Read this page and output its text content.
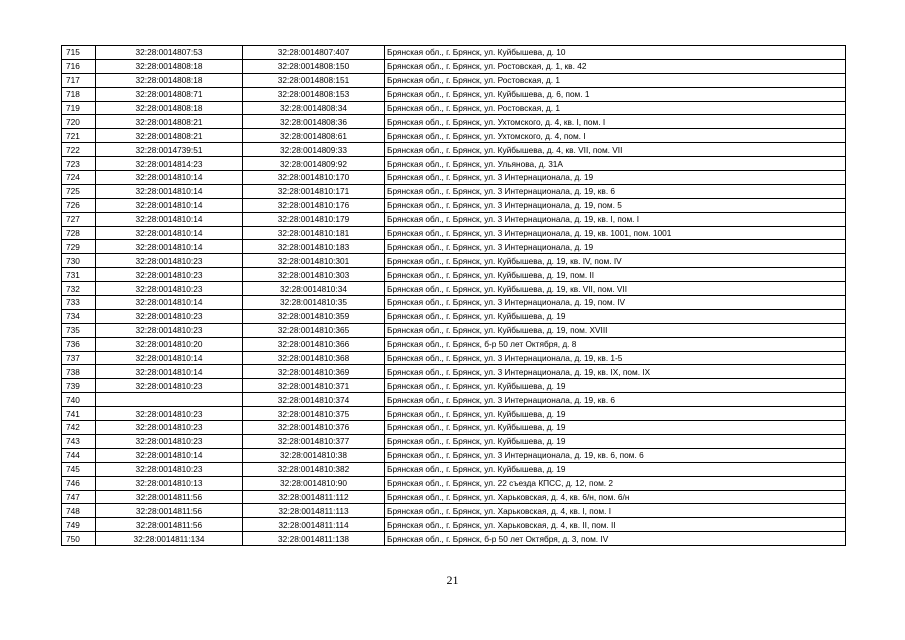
715	32:28:0014807:53	32:28:0014807:407	Брянская обл., г. Брянск, ул. Куйбышева, д. 10
716	32:28:0014808:18	32:28:0014808:150	Брянская обл., г. Брянск, ул. Ростовская, д. 1, кв. 42
717	32:28:0014808:18	32:28:0014808:151	Брянская обл., г. Брянск, ул. Ростовская, д. 1
718	32:28:0014808:71	32:28:0014808:153	Брянская обл., г. Брянск, ул. Куйбышева, д. 6, пом. 1
719	32:28:0014808:18	32:28:0014808:34	Брянская обл., г. Брянск, ул. Ростовская, д. 1
720	32:28:0014808:21	32:28:0014808:36	Брянская обл., г. Брянск, ул. Ухтомского, д. 4, кв. I, пом. I
721	32:28:0014808:21	32:28:0014808:61	Брянская обл., г. Брянск, ул. Ухтомского, д. 4, пом. I
722	32:28:0014739:51	32:28:0014809:33	Брянская обл., г. Брянск, ул. Куйбышева, д. 4, кв. VII, пом. VII
723	32:28:0014814:23	32:28:0014809:92	Брянская обл., г. Брянск, ул. Ульянова, д. 31А
724	32:28:0014810:14	32:28:0014810:170	Брянская обл., г. Брянск, ул. 3 Интернационала, д. 19
725	32:28:0014810:14	32:28:0014810:171	Брянская обл., г. Брянск, ул. 3 Интернационала, д. 19, кв. 6
726	32:28:0014810:14	32:28:0014810:176	Брянская обл., г. Брянск, ул. 3 Интернационала, д. 19, пом. 5
727	32:28:0014810:14	32:28:0014810:179	Брянская обл., г. Брянск, ул. 3 Интернационала, д. 19, кв. I, пом. I
728	32:28:0014810:14	32:28:0014810:181	Брянская обл., г. Брянск, ул. 3 Интернационала, д. 19, кв. 1001, пом. 1001
729	32:28:0014810:14	32:28:0014810:183	Брянская обл., г. Брянск, ул. 3 Интернационала, д. 19
730	32:28:0014810:23	32:28:0014810:301	Брянская обл., г. Брянск, ул. Куйбышева, д. 19, кв. IV, пом. IV
731	32:28:0014810:23	32:28:0014810:303	Брянская обл., г. Брянск, ул. Куйбышева, д. 19, пом. II
732	32:28:0014810:23	32:28:0014810:34	Брянская обл., г. Брянск, ул. Куйбышева, д. 19, кв. VII, пом. VII
733	32:28:0014810:14	32:28:0014810:35	Брянская обл., г. Брянск, ул. 3 Интернационала, д. 19, пом. IV
734	32:28:0014810:23	32:28:0014810:359	Брянская обл., г. Брянск, ул. Куйбышева, д. 19
735	32:28:0014810:23	32:28:0014810:365	Брянская обл., г. Брянск, ул. Куйбышева, д. 19, пом. XVIII
736	32:28:0014810:20	32:28:0014810:366	Брянская обл., г. Брянск, б-р 50 лет Октября, д. 8
737	32:28:0014810:14	32:28:0014810:368	Брянская обл., г. Брянск, ул. 3 Интернационала, д. 19, кв. 1-5
738	32:28:0014810:14	32:28:0014810:369	Брянская обл., г. Брянск, ул. 3 Интернационала, д. 19, кв. IX, пом. IX
739	32:28:0014810:23	32:28:0014810:371	Брянская обл., г. Брянск, ул. Куйбышева, д. 19
740		32:28:0014810:374	Брянская обл., г. Брянск, ул. 3 Интернационала, д. 19, кв. 6
741	32:28:0014810:23	32:28:0014810:375	Брянская обл., г. Брянск, ул. Куйбышева, д. 19
742	32:28:0014810:23	32:28:0014810:376	Брянская обл., г. Брянск, ул. Куйбышева, д. 19
743	32:28:0014810:23	32:28:0014810:377	Брянская обл., г. Брянск, ул. Куйбышева, д. 19
744	32:28:0014810:14	32:28:0014810:38	Брянская обл., г. Брянск, ул. 3 Интернационала, д. 19, кв. 6, пом. 6
745	32:28:0014810:23	32:28:0014810:382	Брянская обл., г. Брянск, ул. Куйбышева, д. 19
746	32:28:0014810:13	32:28:0014810:90	Брянская обл., г. Брянск, ул. 22 съезда КПСС, д. 12, пом. 2
747	32:28:0014811:56	32:28:0014811:112	Брянская обл., г. Брянск, ул. Харьковская, д. 4, кв. 6/н, пом. 6/н
748	32:28:0014811:56	32:28:0014811:113	Брянская обл., г. Брянск, ул. Харьковская, д. 4, кв. I, пом. I
749	32:28:0014811:56	32:28:0014811:114	Брянская обл., г. Брянск, ул. Харьковская, д. 4, кв. II, пом. II
750	32:28:0014811:134	32:28:0014811:138	Брянская обл., г. Брянск, б-р 50 лет Октября, д. 3, пом. IV
21
